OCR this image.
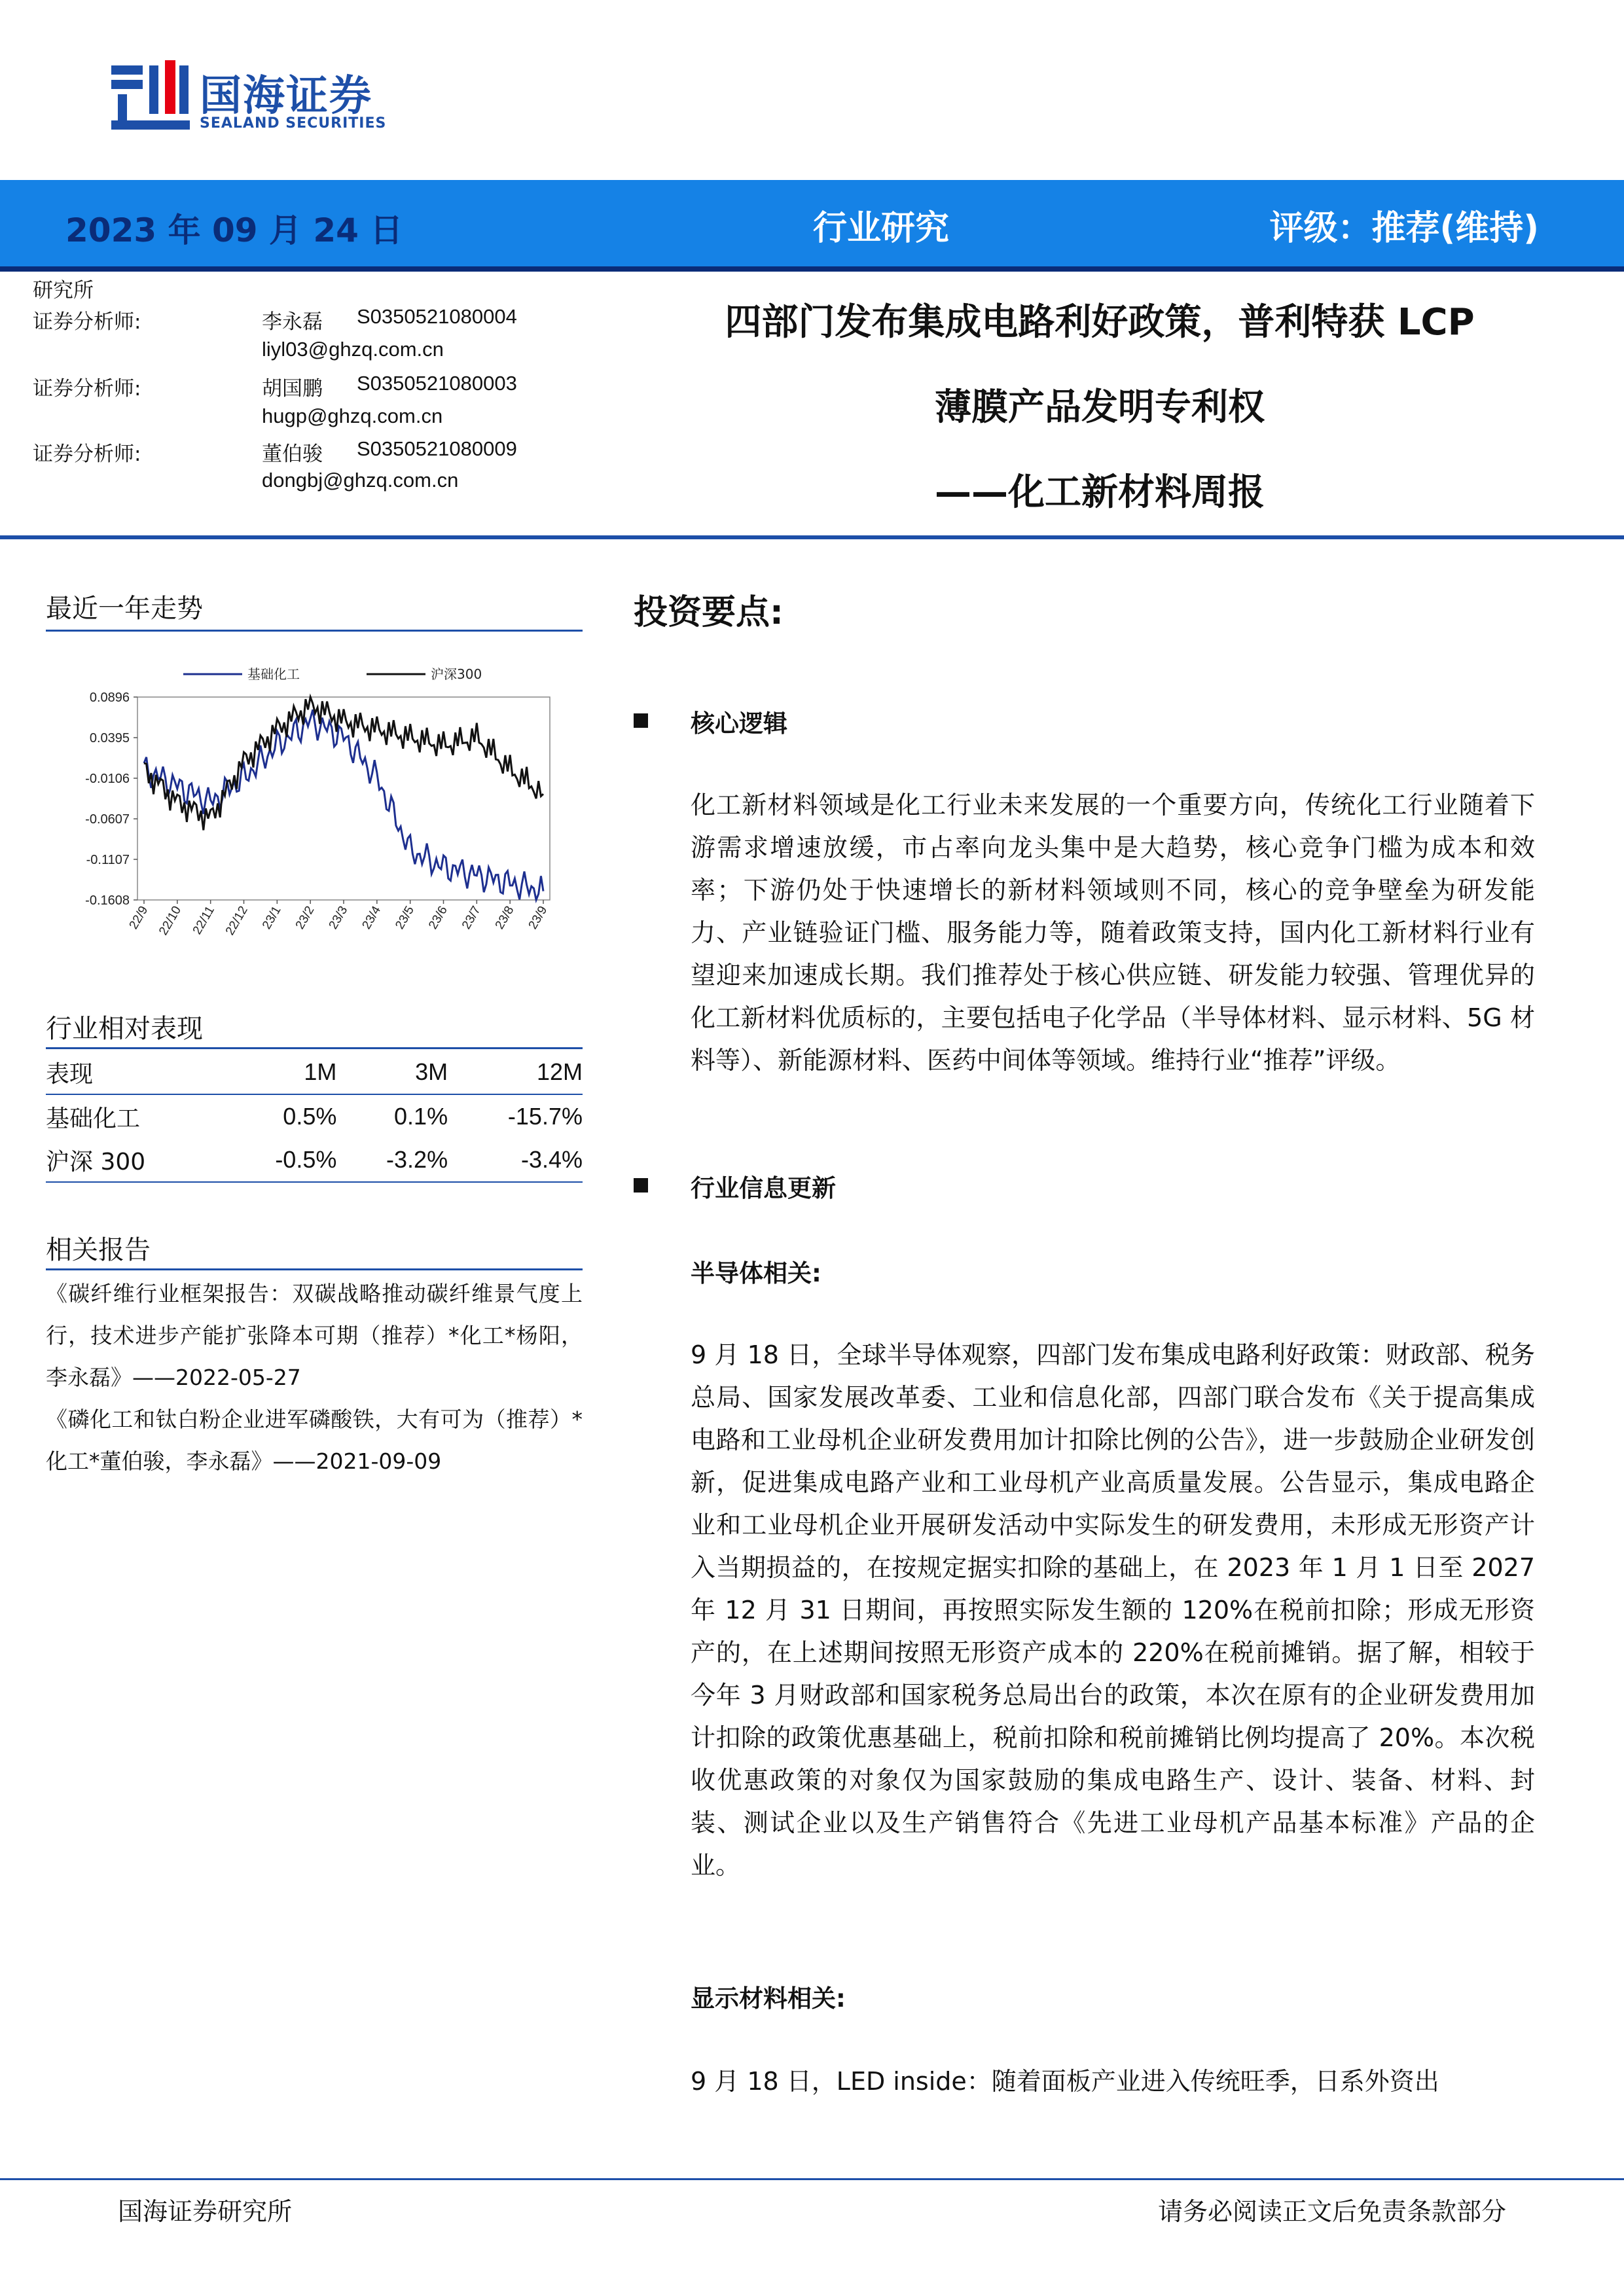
国海证券
SEALAND SECURITIES
2023 年 09 月 24 日	行业研究	评级：推荐(维持)
研究所
证券分析师:	李永磊 S0350521080004
liyl03@ghzq.com.cn
证券分析师:	胡国鹏 S0350521080003
hugp@ghzq.com.cn
证券分析师:	董伯骏 S0350521080009
dongbj@ghzq.com.cn
四部门发布集成电路利好政策，普利特获 LCP
薄膜产品发明专利权
——化工新材料周报
最近一年走势
0.0896
0.0395
-0.0106
-0.0607
-0.1107
-0.1608
22/9 22/10 22/11 22/12 23/1 23/2 23/3 23/4 23/5 23/6 23/7 23/8 23/9
基础化工	沪深300
行业相对表现
表现	1M	3M	12M
基础化工	0.5%	0.1%	-15.7%
沪深 300	-0.5%	-3.2%	-3.4%
相关报告
《碳纤维行业框架报告：双碳战略推动碳纤维景气度上行，技术进步产能扩张降本可期（推荐）*化工*杨阳，李永磊》——2022-05-27
《磷化工和钛白粉企业进军磷酸铁，大有可为（推荐）*化工*董伯骏，李永磊》——2021-09-09
投资要点:
核心逻辑
化工新材料领域是化工行业未来发展的一个重要方向，传统化工行业随着下游需求增速放缓，市占率向龙头集中是大趋势，核心竞争门槛为成本和效率；下游仍处于快速增长的新材料领域则不同，核心的竞争壁垒为研发能力、产业链验证门槛、服务能力等，随着政策支持，国内化工新材料行业有望迎来加速成长期。我们推荐处于核心供应链、研发能力较强、管理优异的化工新材料优质标的，主要包括电子化学品（半导体材料、显示材料、5G 材料等）、新能源材料、医药中间体等领域。维持行业“推荐”评级。
行业信息更新
半导体相关:
9 月 18 日，全球半导体观察，四部门发布集成电路利好政策：财政部、税务总局、国家发展改革委、工业和信息化部，四部门联合发布《关于提高集成电路和工业母机企业研发费用加计扣除比例的公告》，进一步鼓励企业研发创新，促进集成电路产业和工业母机产业高质量发展。公告显示，集成电路企业和工业母机企业开展研发活动中实际发生的研发费用，未形成无形资产计入当期损益的，在按规定据实扣除的基础上，在 2023 年 1 月 1 日至 2027 年 12 月 31 日期间，再按照实际发生额的 120%在税前扣除；形成无形资产的，在上述期间按照无形资产成本的 220%在税前摊销。据了解，相较于今年 3 月财政部和国家税务总局出台的政策，本次在原有的企业研发费用加计扣除的政策优惠基础上，税前扣除和税前摊销比例均提高了 20%。本次税收优惠政策的对象仅为国家鼓励的集成电路生产、设计、装备、材料、封装、测试企业以及生产销售符合《先进工业母机产品基本标准》产品的企业。
显示材料相关:
9 月 18 日，LED inside：随着面板产业进入传统旺季，日系外资出
国海证券研究所	请务必阅读正文后免责条款部分
